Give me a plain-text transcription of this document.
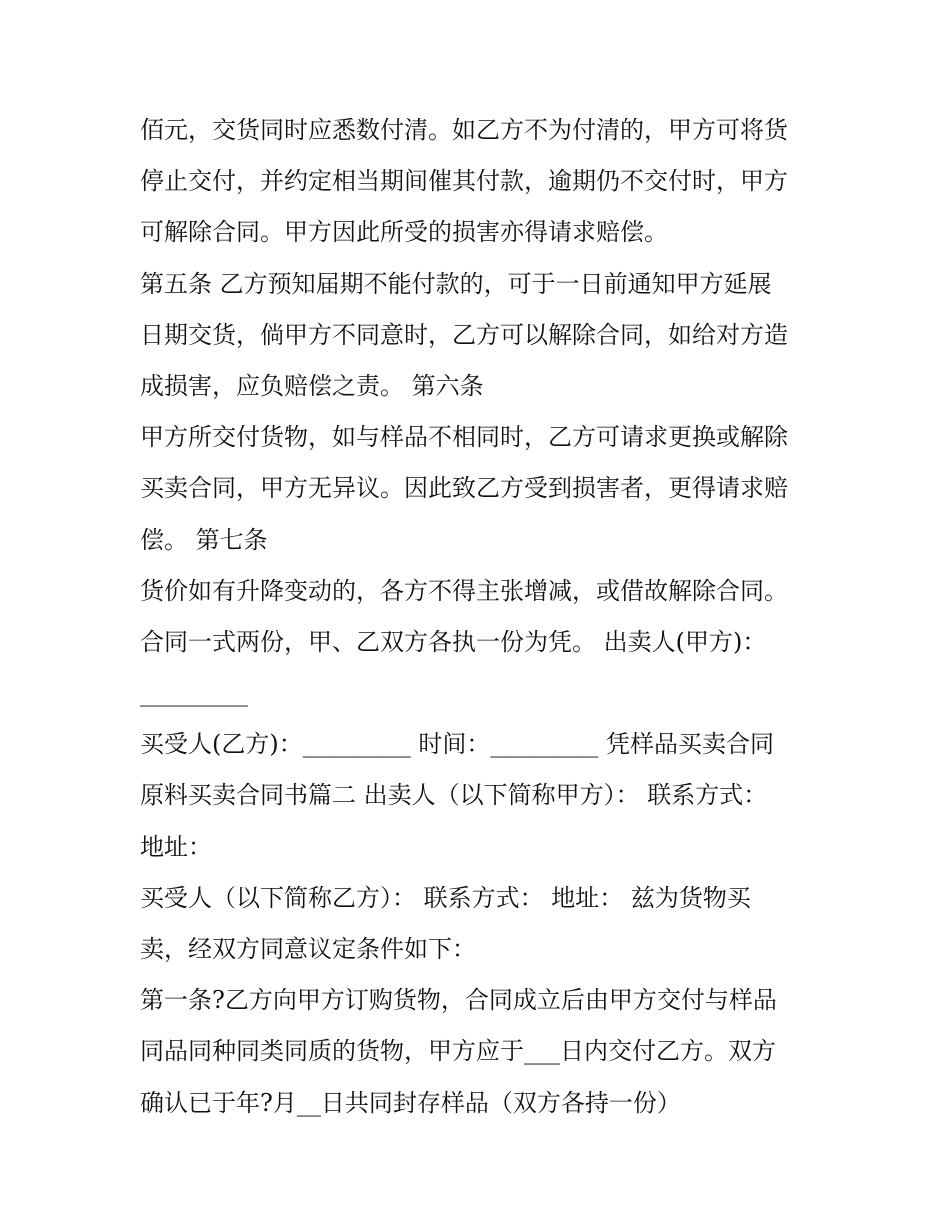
佰元，交货同时应悉数付清。如乙方不为付清的，甲方可将货
停止交付，并约定相当期间催其付款，逾期仍不交付时，甲方
可解除合同。甲方因此所受的损害亦得请求赔偿。
第五条 乙方预知届期不能付款的，可于一日前通知甲方延展
日期交货，倘甲方不同意时，乙方可以解除合同，如给对方造
成损害，应负赔偿之责。 第六条
甲方所交付货物，如与样品不相同时，乙方可请求更换或解除
买卖合同，甲方无异议。因此致乙方受到损害者，更得请求赔
偿。 第七条
货价如有升降变动的，各方不得主张增减，或借故解除合同。
合同一式两份，甲、乙双方各执一份为凭。 出卖人(甲方)：
_________
买受人(乙方)：_________ 时间：_________ 凭样品买卖合同
原料买卖合同书篇二 出卖人（以下简称甲方）： 联系方式：
地址：
买受人（以下简称乙方）： 联系方式： 地址： 兹为货物买
卖，经双方同意议定条件如下：
第一条?乙方向甲方订购货物，合同成立后由甲方交付与样品
同品同种同类同质的货物，甲方应于___日内交付乙方。双方
确认已于年?月__日共同封存样品（双方各持一份）
